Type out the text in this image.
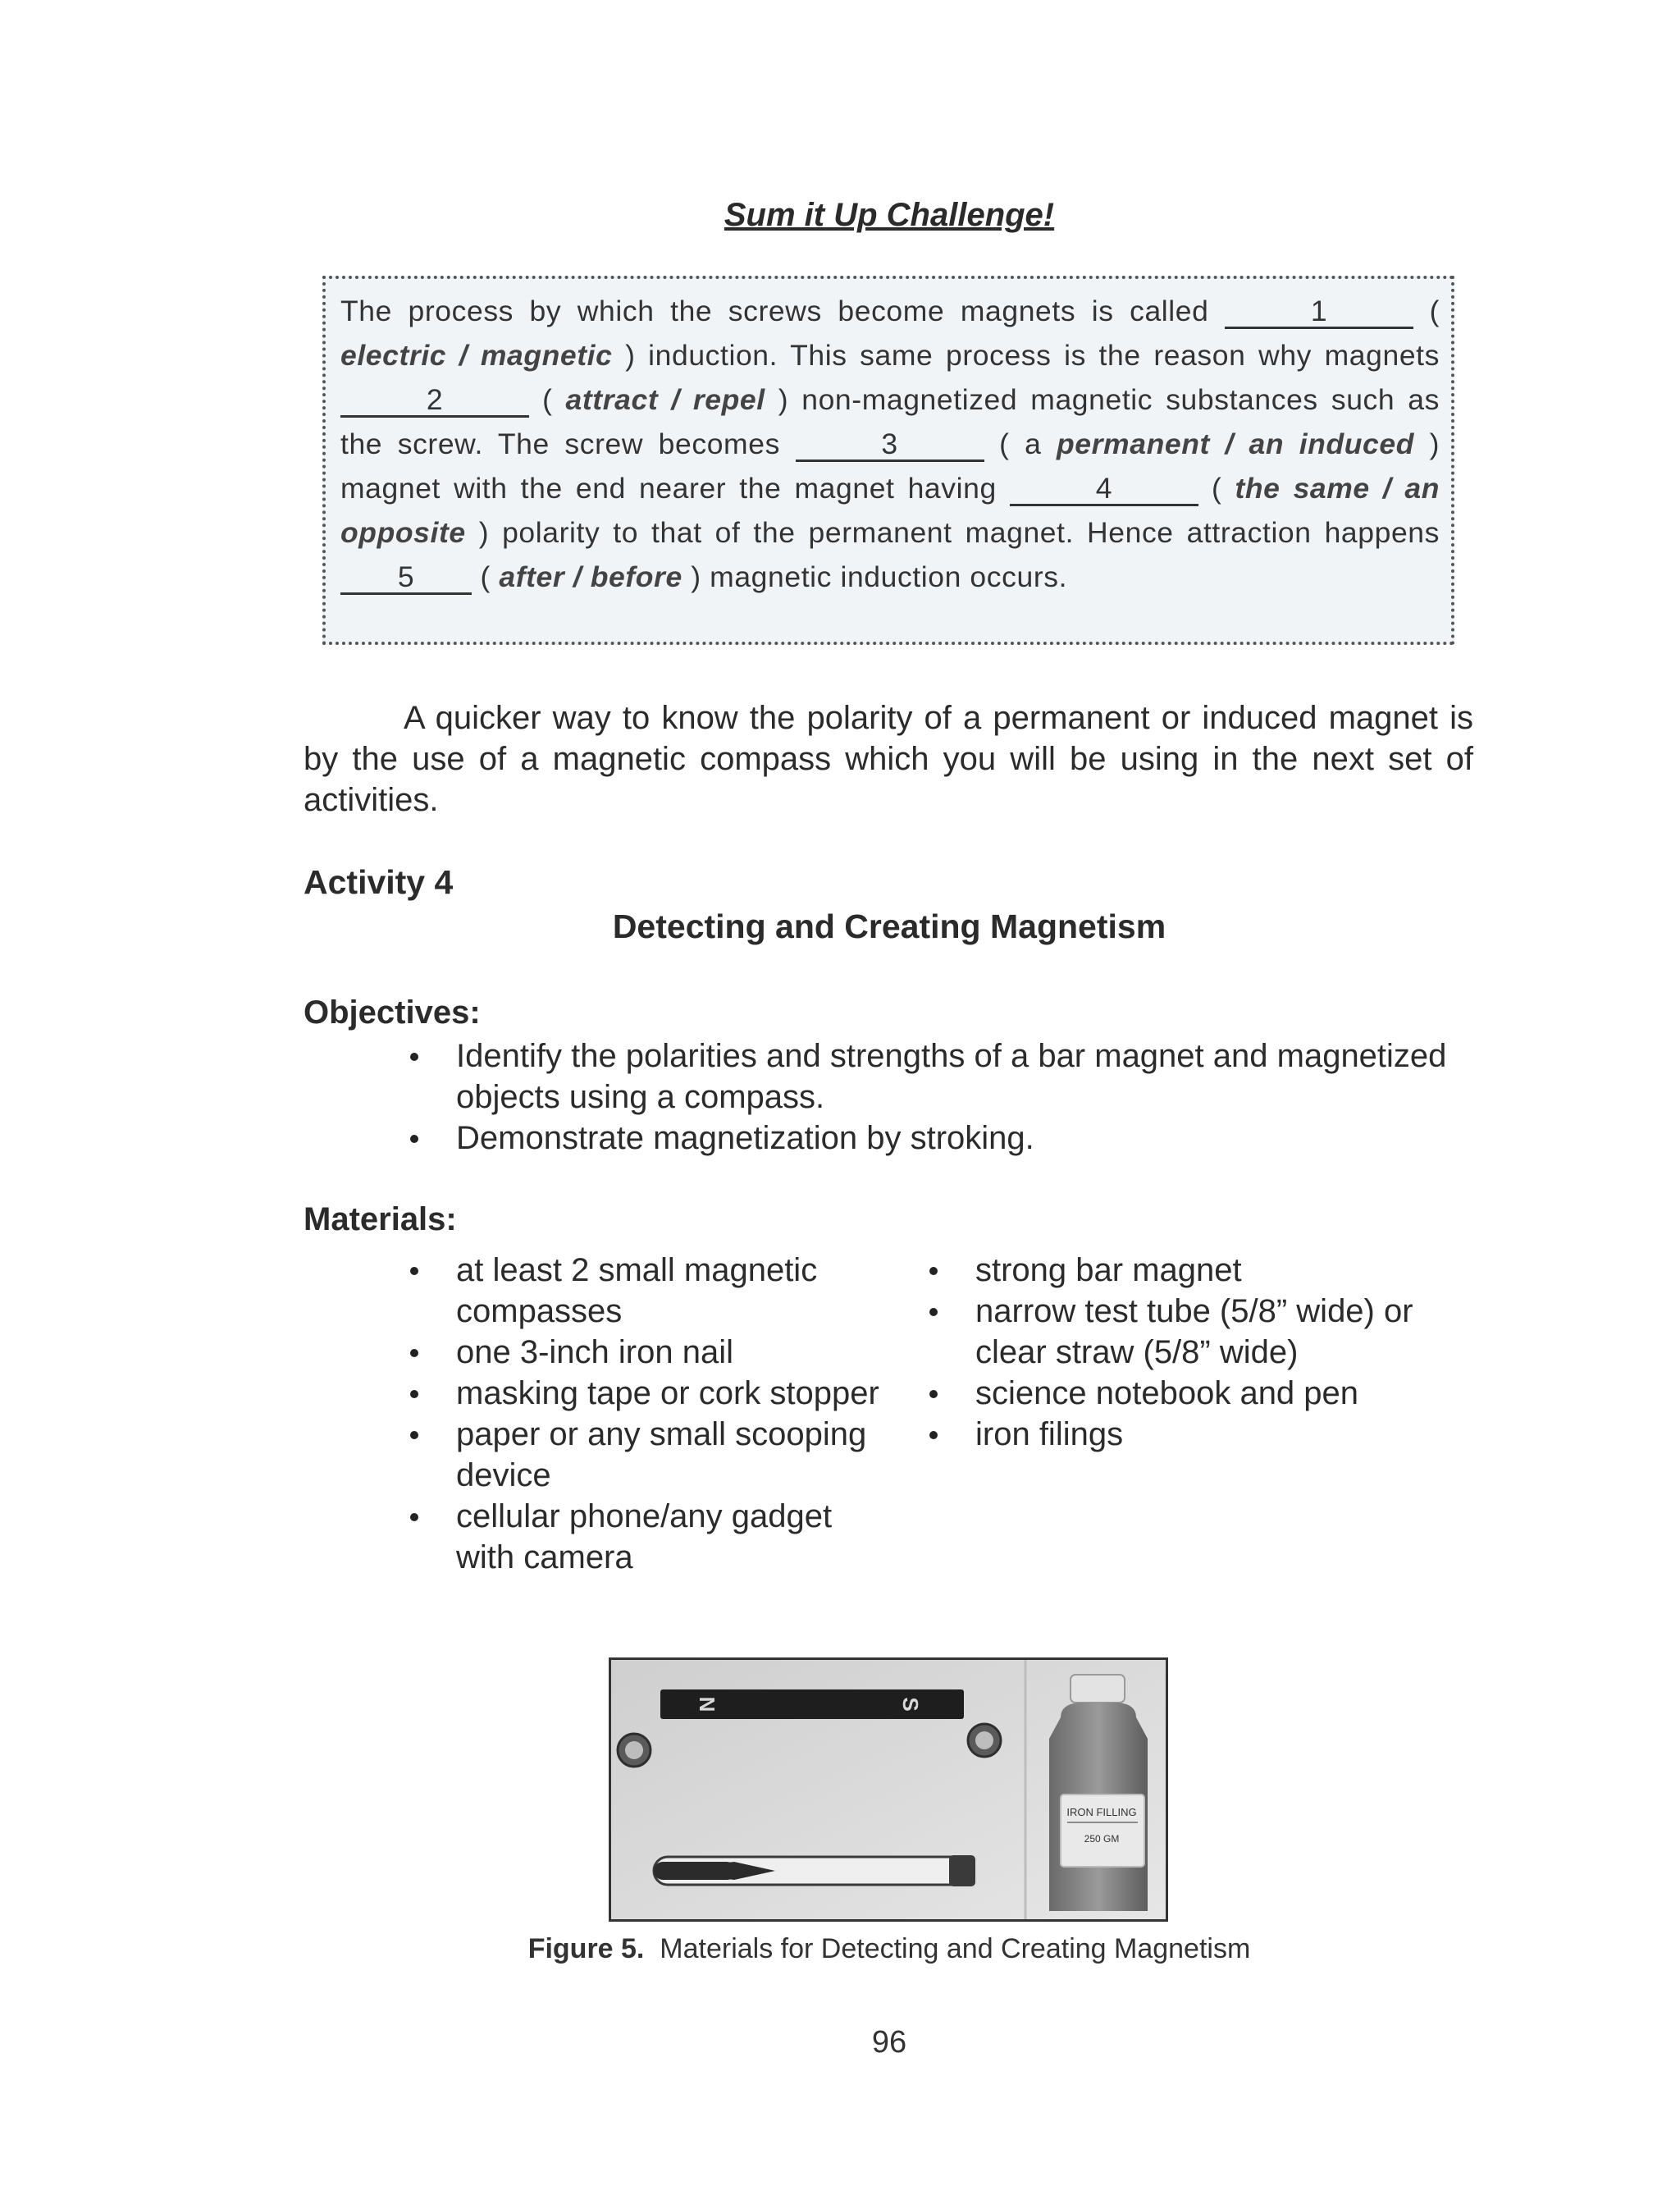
Sum it Up Challenge!
The process by which the screws become magnets is called	1	( electric / magnetic ) induction. This same process is the reason why magnets 2	( attract / repel ) non-magnetized magnetic substances such as the screw. The screw becomes	3	( a permanent / an induced ) magnet with the end nearer the magnet having	4	( the same / an opposite ) polarity to that of the permanent magnet. Hence attraction happens 5 ( after / before ) magnetic induction occurs.
A quicker way to know the polarity of a permanent or induced magnet is by the use of a magnetic compass which you will be using in the next set of activities.
Activity 4
Detecting and Creating Magnetism
Objectives:
Identify the polarities and strengths of a bar magnet and magnetized objects using a compass.
Demonstrate magnetization by stroking.
Materials:
at least 2 small magnetic compasses
one 3-inch iron nail
masking tape or cork stopper
paper or any small scooping device
cellular phone/any gadget with camera
strong bar magnet
narrow test tube (5/8” wide) or clear straw (5/8” wide)
science notebook and pen
iron filings
N	S
IRON FILLING
250 GM
Figure 5. Materials for Detecting and Creating Magnetism
96
